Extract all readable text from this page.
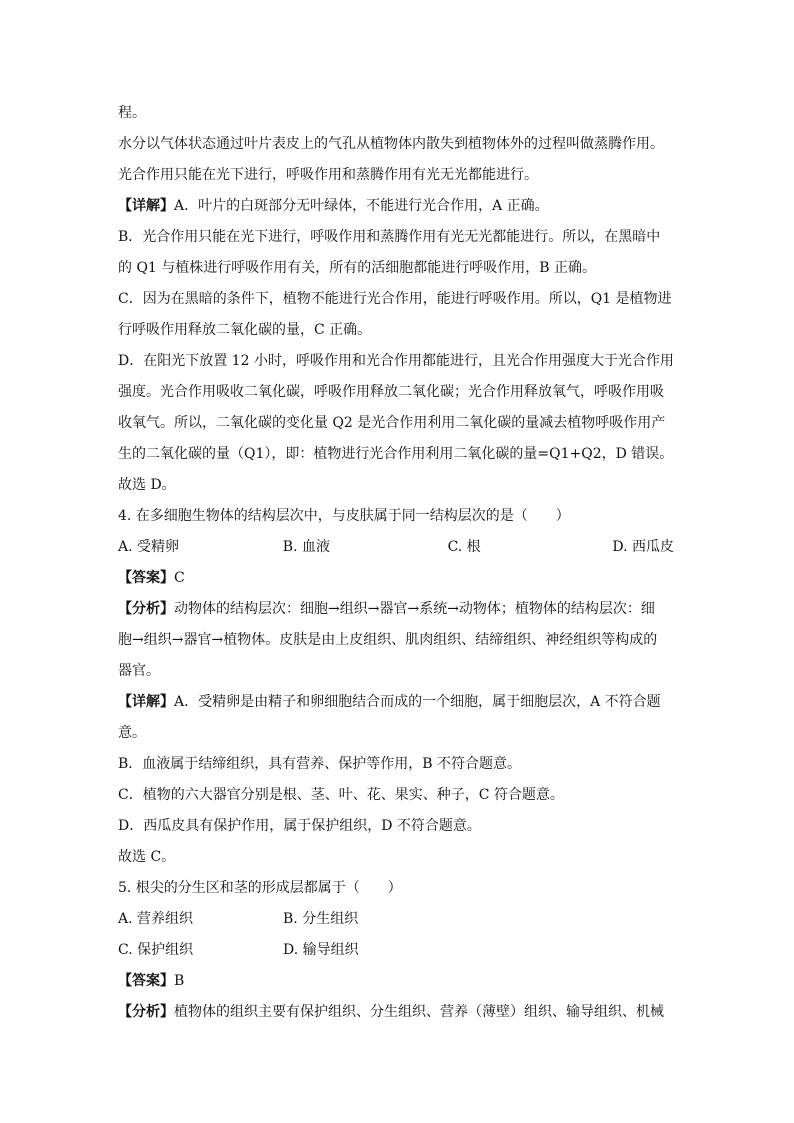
程。
水分以气体状态通过叶片表皮上的气孔从植物体内散失到植物体外的过程叫做蒸腾作用。
光合作用只能在光下进行，呼吸作用和蒸腾作用有光无光都能进行。
【详解】A．叶片的白斑部分无叶绿体，不能进行光合作用，A 正确。
B．光合作用只能在光下进行，呼吸作用和蒸腾作用有光无光都能进行。所以，在黑暗中
的 Q1 与植株进行呼吸作用有关，所有的活细胞都能进行呼吸作用，B 正确。
C．因为在黑暗的条件下，植物不能进行光合作用，能进行呼吸作用。所以，Q1 是植物进
行呼吸作用释放二氧化碳的量，C 正确。
D．在阳光下放置 12 小时，呼吸作用和光合作用都能进行，且光合作用强度大于光合作用
强度。光合作用吸收二氧化碳，呼吸作用释放二氧化碳；光合作用释放氧气，呼吸作用吸
收氧气。所以，二氧化碳的变化量 Q2 是光合作用利用二氧化碳的量减去植物呼吸作用产
生的二氧化碳的量（Q1），即：植物进行光合作用利用二氧化碳的量=Q1+Q2，D 错误。
故选 D。
4. 在多细胞生物体的结构层次中，与皮肤属于同一结构层次的是（　　）
A. 受精卵	B. 血液	C. 根	D. 西瓜皮
【答案】C
【分析】动物体的结构层次：细胞→组织→器官→系统→动物体；植物体的结构层次：细
胞→组织→器官→植物体。皮肤是由上皮组织、肌肉组织、结缔组织、神经组织等构成的
器官。
【详解】A．受精卵是由精子和卵细胞结合而成的一个细胞，属于细胞层次，A 不符合题
意。
B．血液属于结缔组织，具有营养、保护等作用，B 不符合题意。
C．植物的六大器官分别是根、茎、叶、花、果实、种子，C 符合题意。
D．西瓜皮具有保护作用，属于保护组织，D 不符合题意。
故选 C。
5. 根尖的分生区和茎的形成层都属于（　　）
A. 营养组织	B. 分生组织
C. 保护组织	D. 输导组织
【答案】B
【分析】植物体的组织主要有保护组织、分生组织、营养（薄壁）组织、输导组织、机械
